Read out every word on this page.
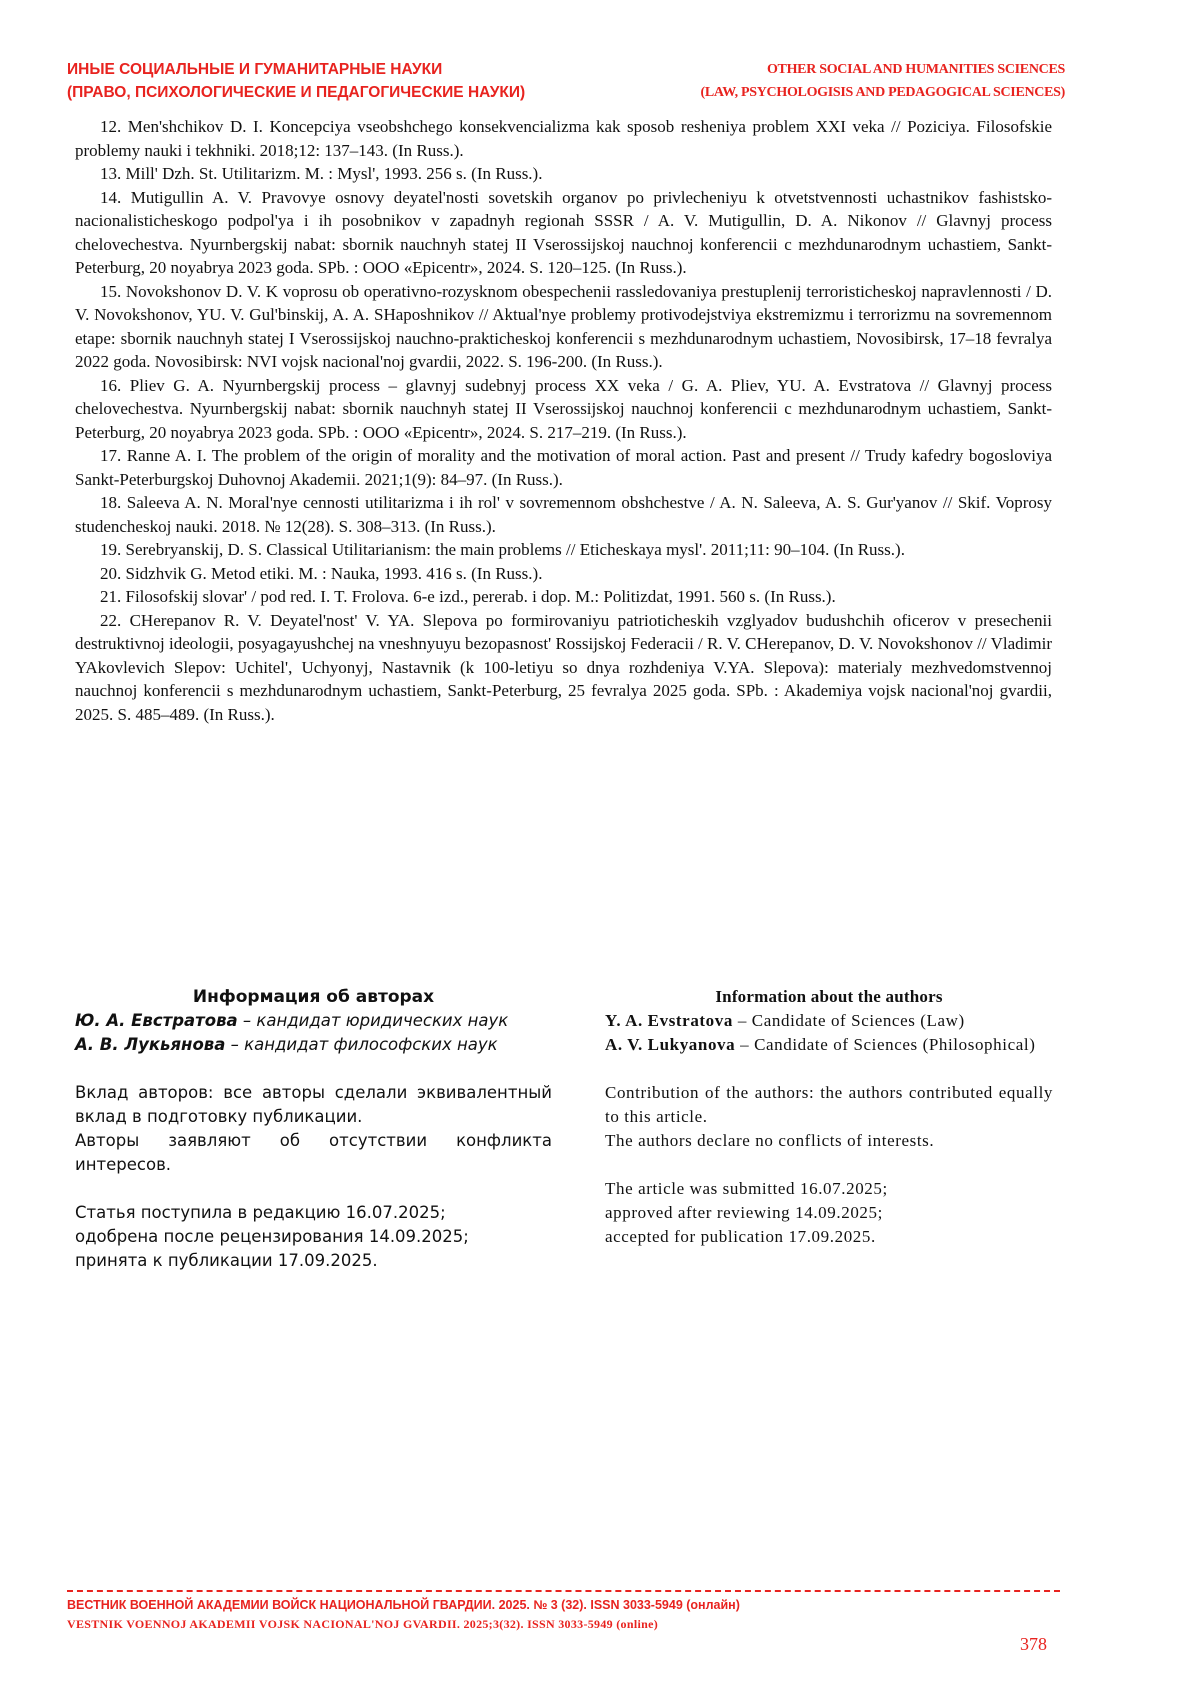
ИНЫЕ СОЦИАЛЬНЫЕ И ГУМАНИТАРНЫЕ НАУКИ
(ПРАВО, ПСИХОЛОГИЧЕСКИЕ И ПЕДАГОГИЧЕСКИЕ НАУКИ)
OTHER SOCIAL AND HUMANITIES SCIENCES
(LAW, PSYCHOLOGISIS AND PEDAGOGICAL SCIENCES)

12. Men'shchikov D. I. Koncepciya vseobshchego konsekvencializma kak sposob resheniya problem XXI veka // Poziciya. Filosofskie problemy nauki i tekhniki. 2018;12: 137–143. (In Russ.).

13. Mill' Dzh. St. Utilitarizm. M. : Mysl', 1993. 256 s. (In Russ.).

14. Mutigullin A. V. Pravovye osnovy deyatel'nosti sovetskih organov po privlecheniyu k otvetstvennosti uchastnikov fashistsko-nacionalisticheskogo podpol'ya i ih posobnikov v zapadnyh regionah SSSR / A. V. Mutigullin, D. A. Nikonov // Glavnyj process chelovechestva. Nyurnbergskij nabat: sbornik nauchnyh statej II Vserossijskoj nauchnoj konferencii c mezhdunarodnym uchastiem, Sankt-Peterburg, 20 noyabrya 2023 goda. SPb. : OOO «Epicentr», 2024. S. 120–125. (In Russ.).

15. Novokshonov D. V. K voprosu ob operativno-rozysknom obespechenii rassledovaniya prestuplenij terroristicheskoj napravlennosti / D. V. Novokshonov, YU. V. Gul'binskij, A. A. SHaposhnikov // Aktual'nye problemy protivodejstviya ekstremizmu i terrorizmu na sovremennom etape: sbornik nauchnyh statej I Vserossijskoj nauchno-prakticheskoj konferencii s mezhdunarodnym uchastiem, Novosibirsk, 17–18 fevralya 2022 goda. Novosibirsk: NVI vojsk nacional'noj gvardii, 2022. S. 196-200. (In Russ.).

16. Pliev G. A. Nyurnbergskij process – glavnyj sudebnyj process XX veka / G. A. Pliev, YU. A. Evstratova // Glavnyj process chelovechestva. Nyurnbergskij nabat: sbornik nauchnyh statej II Vserossijskoj nauchnoj konferencii c mezhdunarodnym uchastiem, Sankt-Peterburg, 20 noyabrya 2023 goda. SPb. : OOO «Epicentr», 2024. S. 217–219. (In Russ.).

17. Ranne A. I. The problem of the origin of morality and the motivation of moral action. Past and present // Trudy kafedry bogosloviya Sankt-Peterburgskoj Duhovnoj Akademii. 2021;1(9): 84–97. (In Russ.).

18. Saleeva A. N. Moral'nye cennosti utilitarizma i ih rol' v sovremennom obshchestve / A. N. Saleeva, A. S. Gur'yanov // Skif. Voprosy studencheskoj nauki. 2018. № 12(28). S. 308–313. (In Russ.).

19. Serebryanskij, D. S. Classical Utilitarianism: the main problems // Eticheskaya mysl'. 2011;11: 90–104. (In Russ.).

20. Sidzhvik G. Metod etiki. M. : Nauka, 1993. 416 s. (In Russ.).

21. Filosofskij slovar' / pod red. I. T. Frolova. 6-e izd., pererab. i dop. M.: Politizdat, 1991. 560 s. (In Russ.).

22. CHerepanov R. V. Deyatel'nost' V. YA. Slepova po formirovaniyu patrioticheskih vzglyadov budushchih oficerov v presechenii destruktivnoj ideologii, posyagayushchej na vneshnyuyu bezopasnost' Rossijskoj Federacii / R. V. CHerepanov, D. V. Novokshonov // Vladimir YAkovlevich Slepov: Uchitel', Uchyonyj, Nastavnik (k 100-letiyu so dnya rozhdeniya V.YA. Slepova): materialy mezhvedomstvennoj nauchnoj konferencii s mezhdunarodnym uchastiem, Sankt-Peterburg, 25 fevralya 2025 goda. SPb. : Akademiya vojsk nacional'noj gvardii, 2025. S. 485–489. (In Russ.).

Информация об авторах

Ю. А. Евстратова – кандидат юридических наук

А. В. Лукьянова – кандидат философских наук

Вклад авторов: все авторы сделали эквивалентный вклад в подготовку публикации.

Авторы заявляют об отсутствии конфликта интересов.

Статья поступила в редакцию 16.07.2025;

одобрена после рецензирования 14.09.2025;

принята к публикации 17.09.2025.

Information about the authors

Y. A. Evstratova – Candidate of Sciences (Law)

A. V. Lukyanova – Candidate of Sciences (Philosophical)

Contribution of the authors: the authors contributed equally to this article.

The authors declare no conflicts of interests.

The article was submitted 16.07.2025;

approved after reviewing 14.09.2025;

accepted for publication 17.09.2025.

ВЕСТНИК ВОЕННОЙ АКАДЕМИИ ВОЙСК НАЦИОНАЛЬНОЙ ГВАРДИИ. 2025. № 3 (32). ISSN 3033-5949 (онлайн)
VESTNIK VOENNOJ AKADEMII VOJSK NACIONAL'NOJ GVARDII. 2025;3(32). ISSN 3033-5949 (online)
378
